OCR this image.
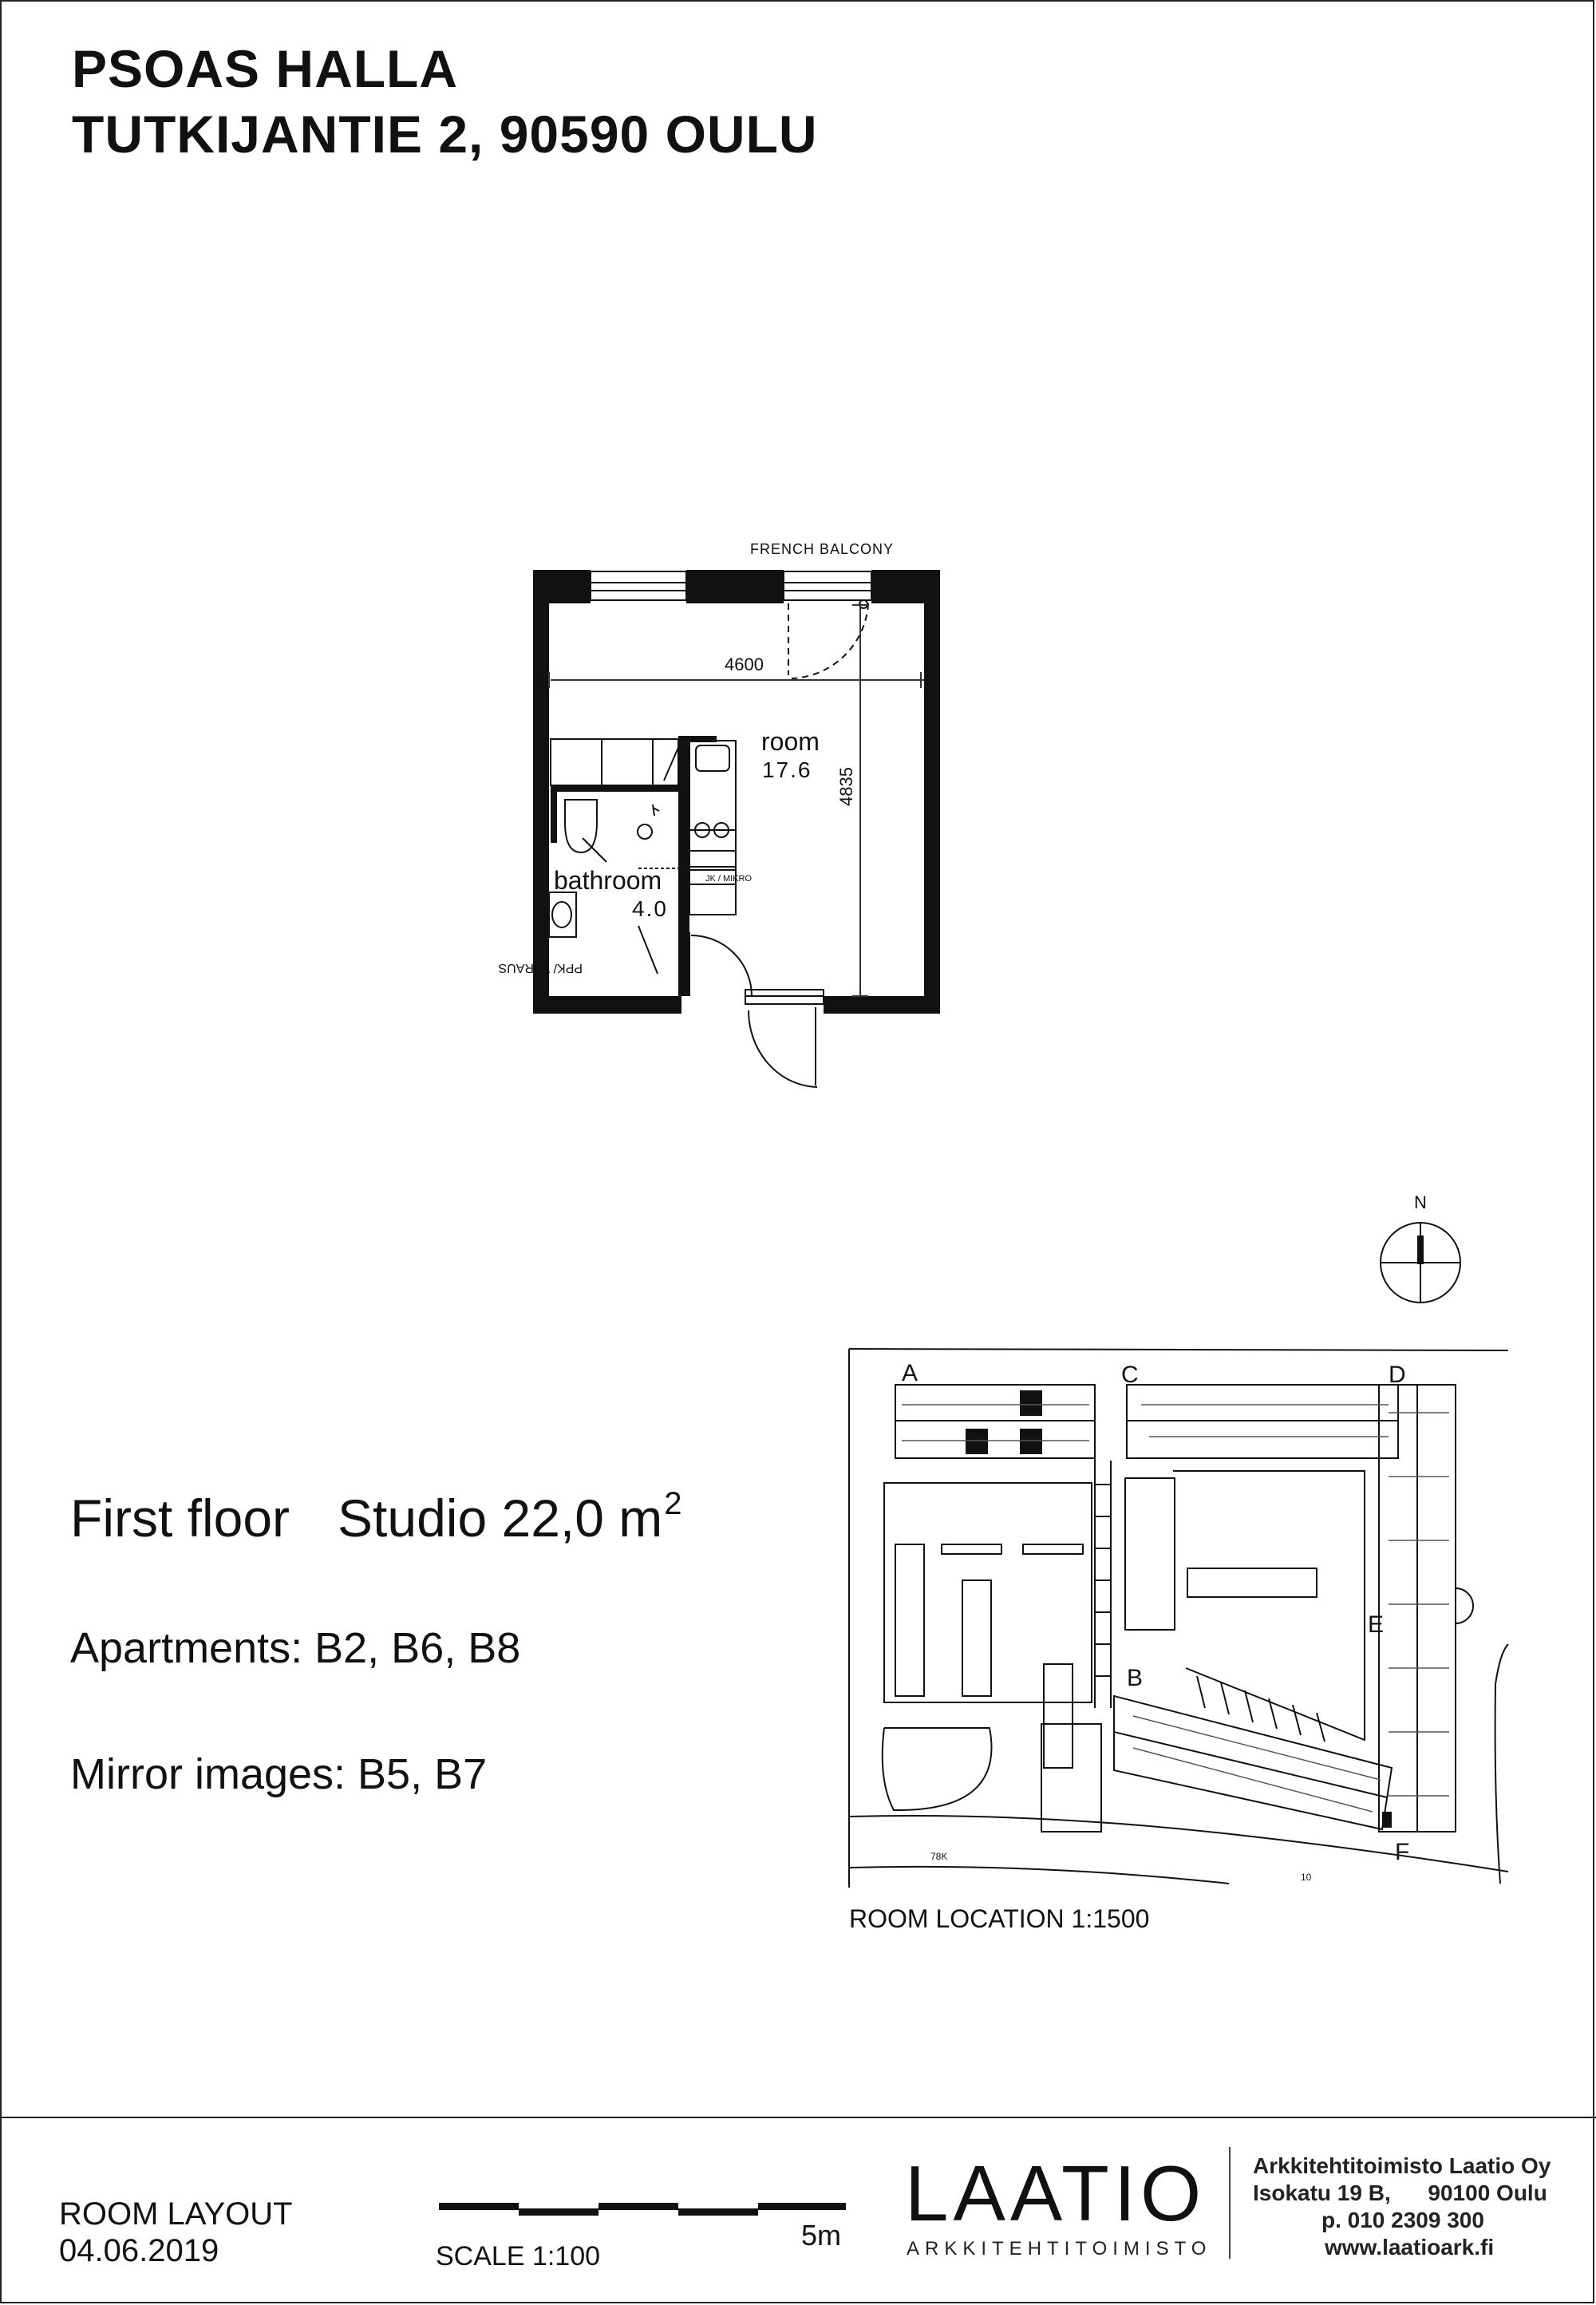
PSOAS HALLA
TUTKIJANTIE 2, 90590 OULU
FRENCH BALCONY
4600
4835
room
17.6
JK / MIKRO
bathroom
4.0
PPK/ VARAUS
N
First floor Studio 22,0 $m^2$
Apartments: B2, B6, B8
Mirror images: B5, B7
A	C	D
E
B
F
78K
10
ROOM LOCATION 1:1500
ROOM LAYOUT
04.06.2019	SCALE 1:100
5m LAATIO
ARKKITEHTITOIMISTO
Arkkitehtitoimisto Laatio Oy
Isokatu 19 B,      90100 Oulu
p. 010 2309 300
www.laatioark.fi
